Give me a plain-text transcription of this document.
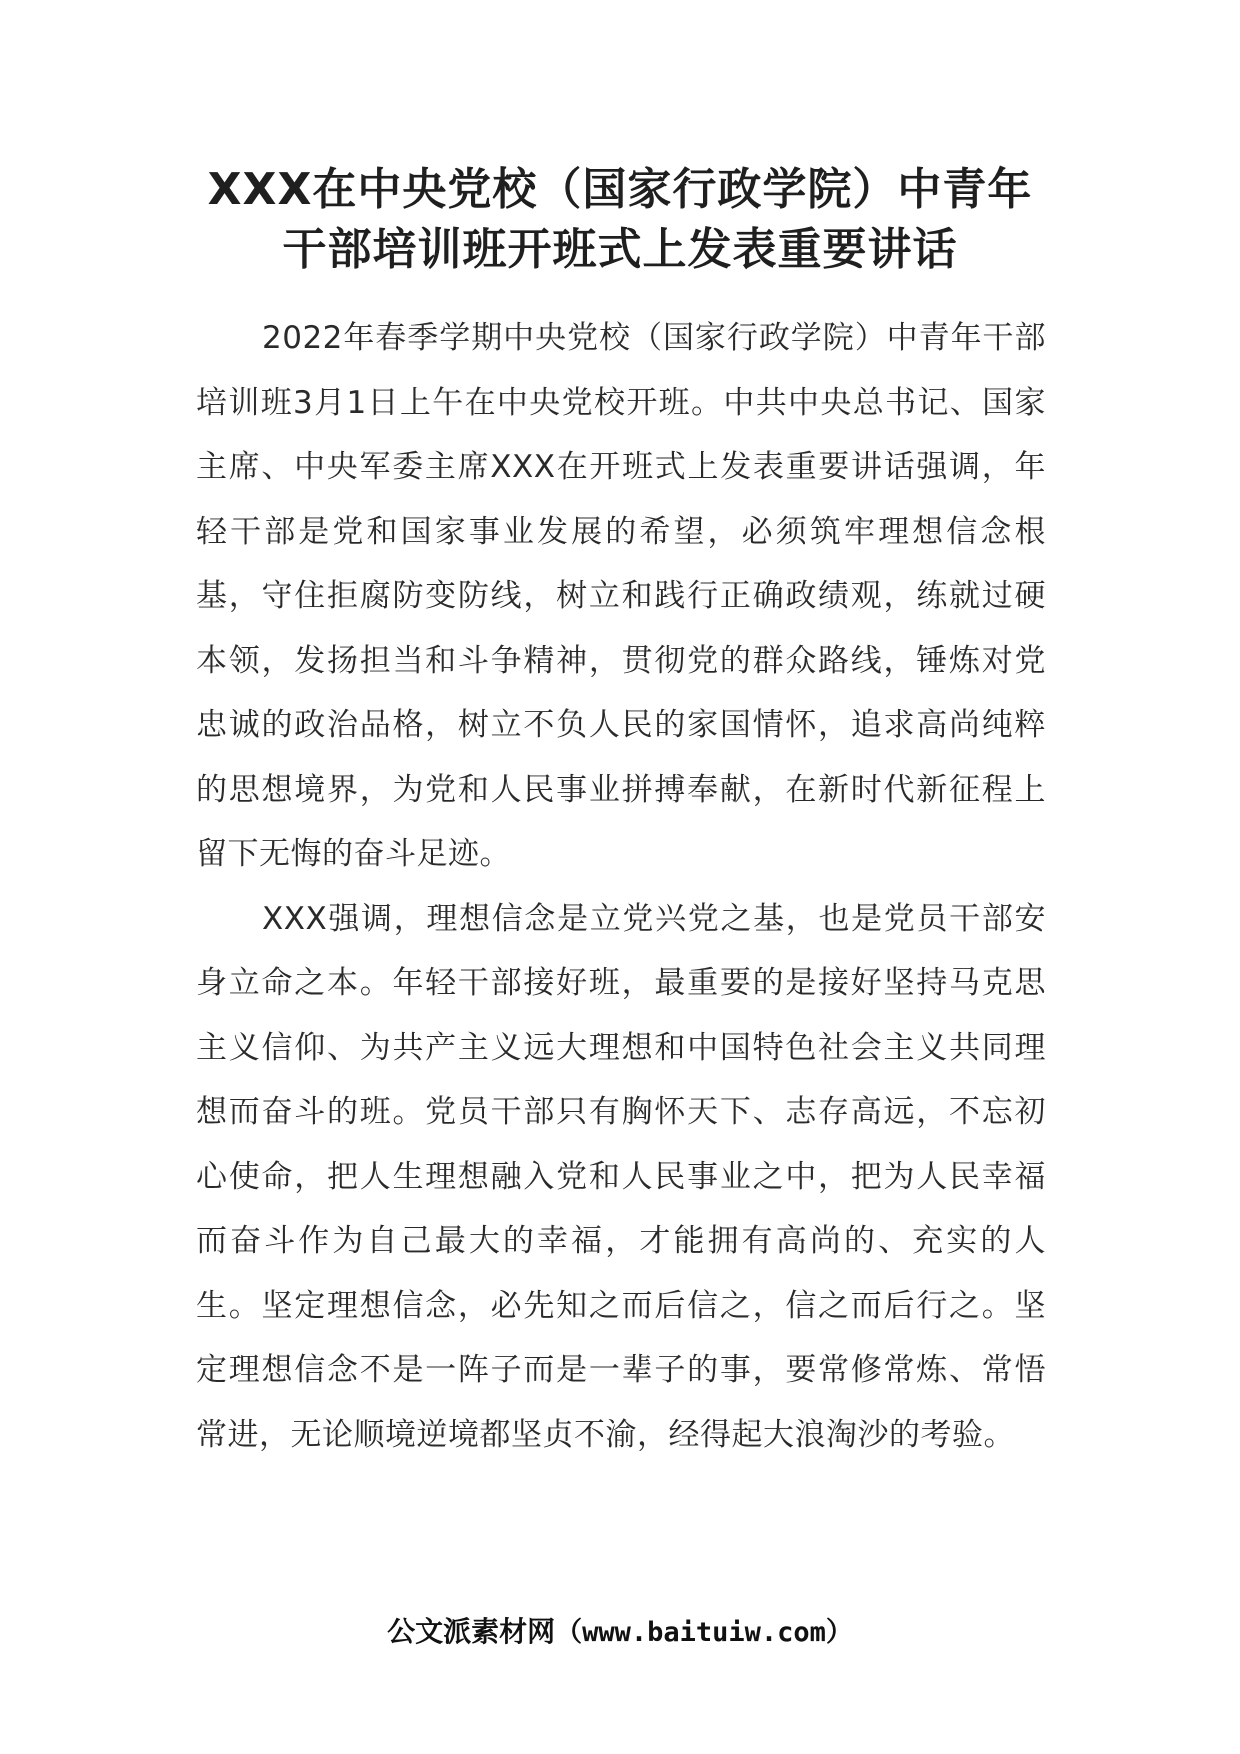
XXX在中央党校（国家行政学院）中青年
干部培训班开班式上发表重要讲话

2022年春季学期中央党校（国家行政学院）中青年干部培训班3月1日上午在中央党校开班。中共中央总书记、国家主席、中央军委主席XXX在开班式上发表重要讲话强调，年轻干部是党和国家事业发展的希望，必须筑牢理想信念根基，守住拒腐防变防线，树立和践行正确政绩观，练就过硬本领，发扬担当和斗争精神，贯彻党的群众路线，锤炼对党忠诚的政治品格，树立不负人民的家国情怀，追求高尚纯粹的思想境界，为党和人民事业拼搏奉献，在新时代新征程上留下无悔的奋斗足迹。

XXX强调，理想信念是立党兴党之基，也是党员干部安身立命之本。年轻干部接好班，最重要的是接好坚持马克思主义信仰、为共产主义远大理想和中国特色社会主义共同理想而奋斗的班。党员干部只有胸怀天下、志存高远，不忘初心使命，把人生理想融入党和人民事业之中，把为人民幸福而奋斗作为自己最大的幸福，才能拥有高尚的、充实的人生。坚定理想信念，必先知之而后信之，信之而后行之。坚定理想信念不是一阵子而是一辈子的事，要常修常炼、常悟常进，无论顺境逆境都坚贞不渝，经得起大浪淘沙的考验。

公文派素材网（www.baituiw.com）
